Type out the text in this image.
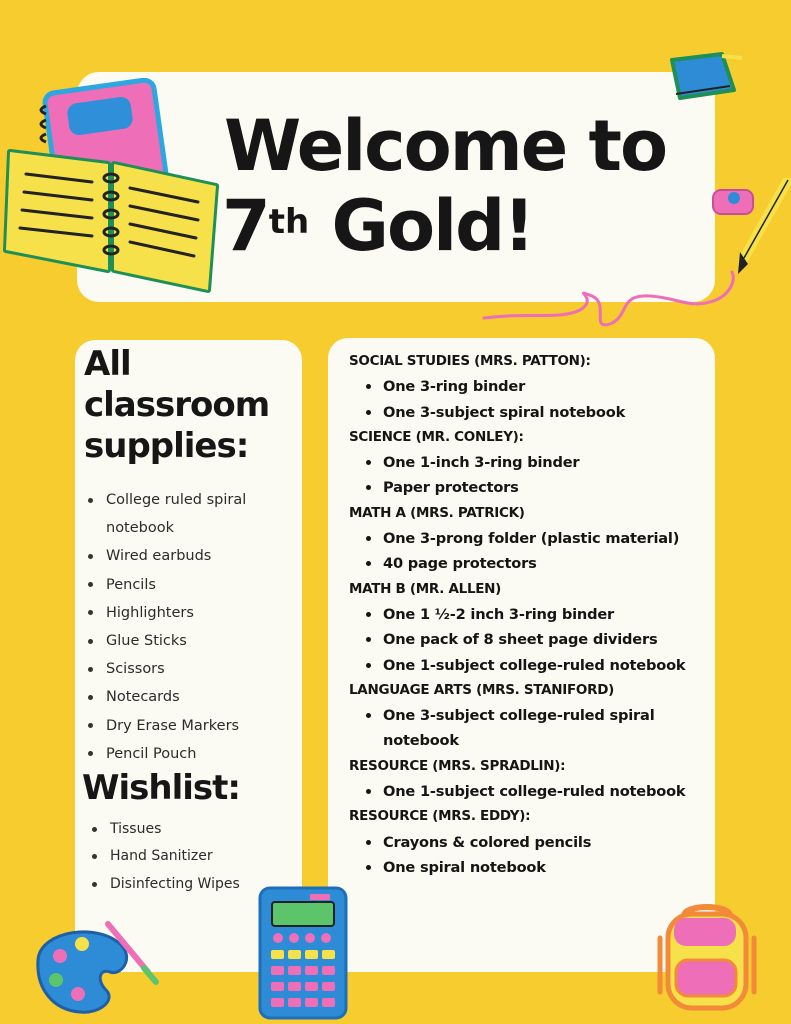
Welcome to
7th Gold!
All classroom supplies:
College ruled spiral notebook
Wired earbuds
Pencils
Highlighters
Glue Sticks
Scissors
Notecards
Dry Erase Markers
Pencil Pouch
Wishlist:
Tissues
Hand Sanitizer
Disinfecting Wipes
SOCIAL STUDIES (MRS. PATTON):
One 3-ring binder
One 3-subject spiral notebook
SCIENCE (MR. CONLEY):
One 1-inch 3-ring binder
Paper protectors
MATH A (MRS. PATRICK)
One 3-prong folder (plastic material)
40 page protectors
MATH B (MR. ALLEN)
One 1 ½-2 inch 3-ring binder
One pack of 8 sheet page dividers
One 1-subject college-ruled notebook
LANGUAGE ARTS (MRS. STANIFORD)
One 3-subject college-ruled spiral notebook
RESOURCE (MRS. SPRADLIN):
One 1-subject college-ruled notebook
RESOURCE (MRS. EDDY):
Crayons & colored pencils
One spiral notebook
